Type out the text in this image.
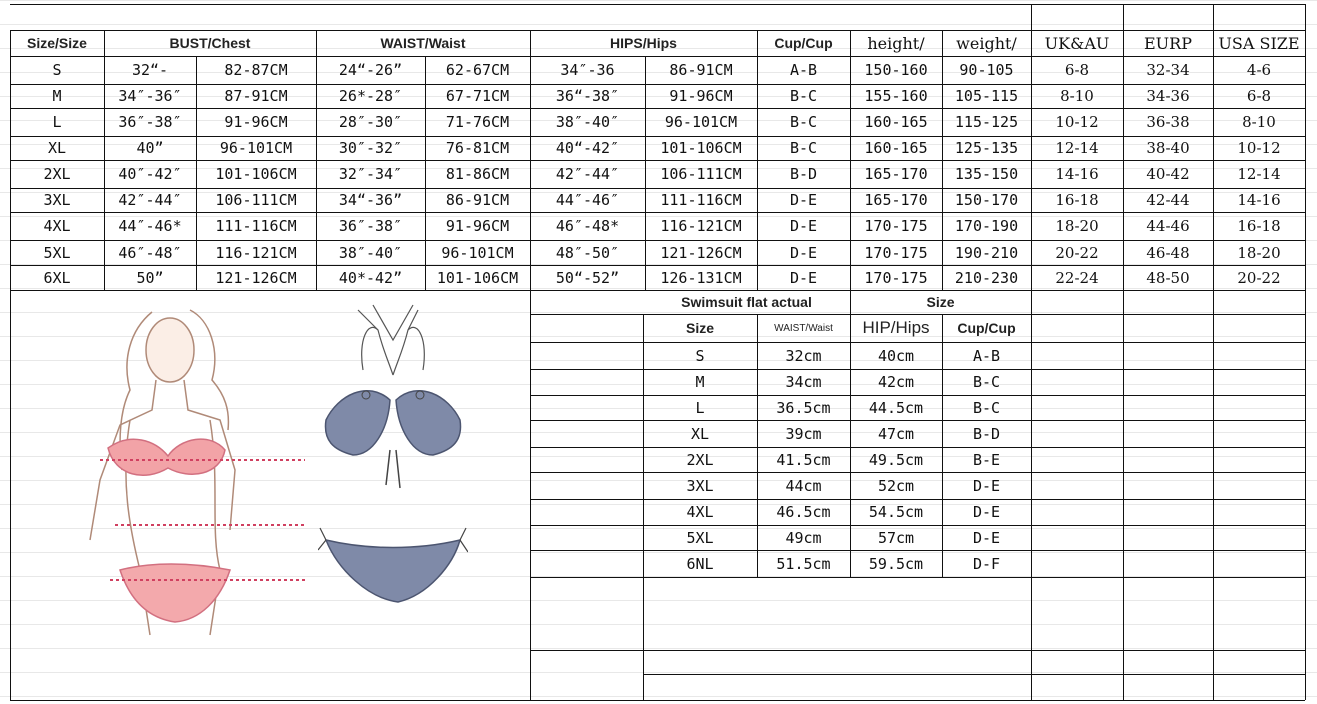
Size/Size	BUST/Chest	WAIST/Waist	HIPS/Hips	Cup/Cup	height/	weight/	UK&AU	EURP	USA SIZE
S	32“-	82-87CM	24“-26”	62-67CM	34″-36	86-91CM	A-B	150-160	90-105	6-8	32-34	4-6
M	34″-36″	87-91CM	26*-28″	67-71CM	36“-38″	91-96CM	B-C	155-160	105-115	8-10	34-36	6-8
L	36″-38″	91-96CM	28″-30″	71-76CM	38″-40″	96-101CM	B-C	160-165	115-125	10-12	36-38	8-10
XL	40”	96-101CM	30″-32″	76-81CM	40“-42″	101-106CM	B-C	160-165	125-135	12-14	38-40	10-12
2XL	40″-42″	101-106CM	32″-34″	81-86CM	42″-44″	106-111CM	B-D	165-170	135-150	14-16	40-42	12-14
3XL	42″-44″	106-111CM	34“-36”	86-91CM	44″-46″	111-116CM	D-E	165-170	150-170	16-18	42-44	14-16
4XL	44″-46*	111-116CM	36″-38″	91-96CM	46″-48*	116-121CM	D-E	170-175	170-190	18-20	44-46	16-18
5XL	46″-48″	116-121CM	38″-40″	96-101CM	48″-50″	121-126CM	D-E	170-175	190-210	20-22	46-48	18-20
6XL	50”	121-126CM	40*-42”	101-106CM	50“-52”	126-131CM	D-E	170-175	210-230	22-24	48-50	20-22
Swimsuit flat actual	Size
Size	WAIST/Waist	HIP/Hips	Cup/Cup
S	32cm	40cm	A-B
M	34cm	42cm	B-C
L	36.5cm	44.5cm	B-C
XL	39cm	47cm	B-D
2XL	41.5cm	49.5cm	B-E
3XL	44cm	52cm	D-E
4XL	46.5cm	54.5cm	D-E
5XL	49cm	57cm	D-E
6NL	51.5cm	59.5cm	D-F
